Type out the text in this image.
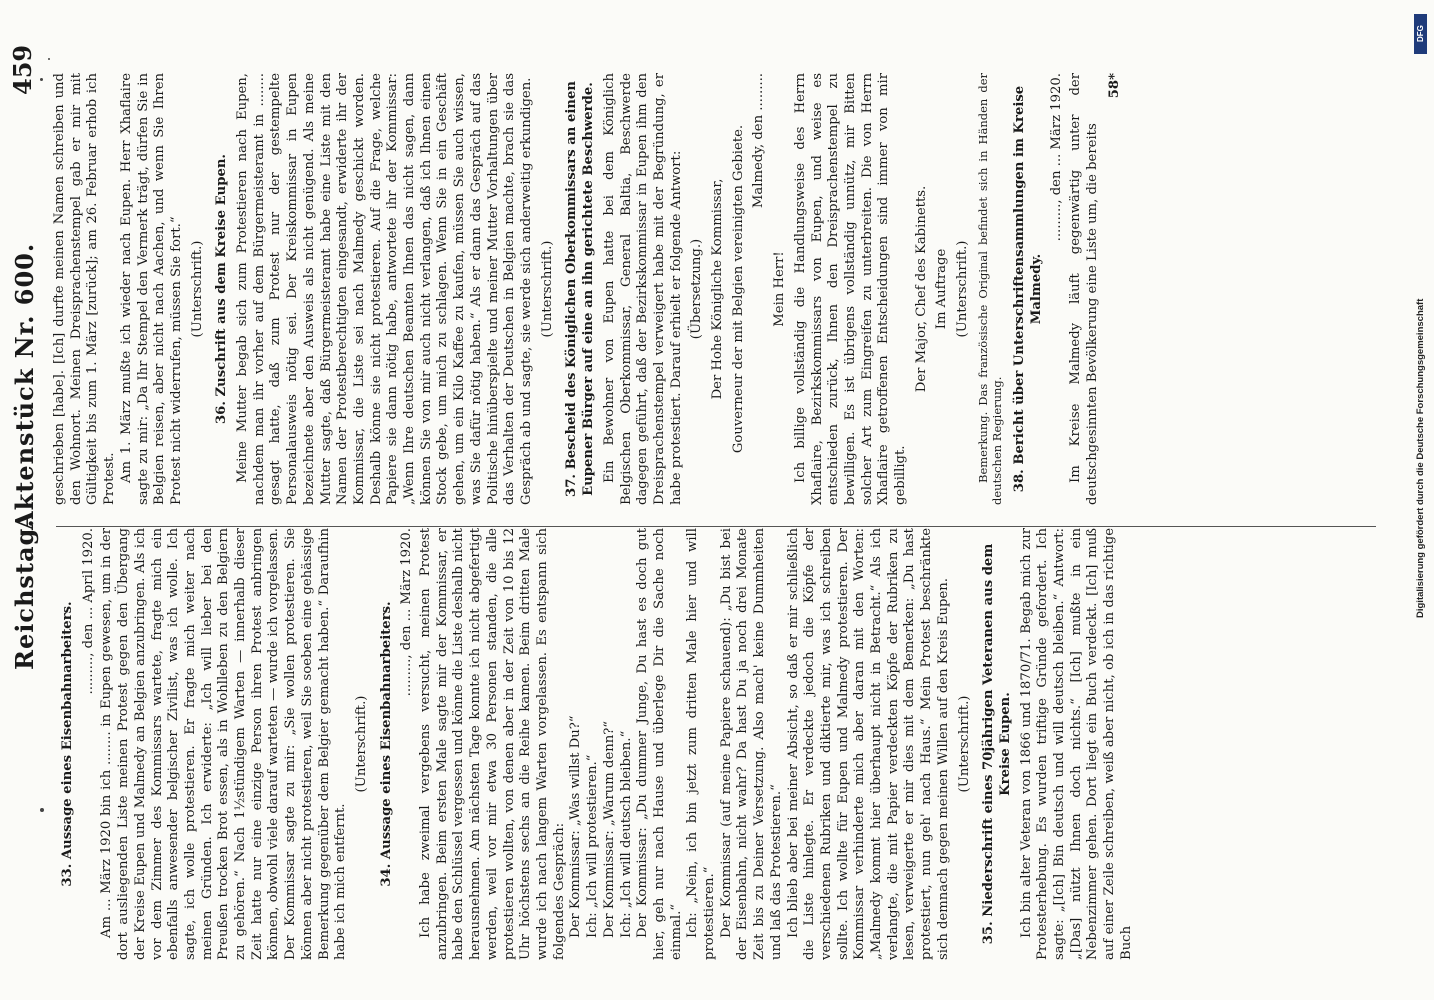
DFG
Digitalisierung gefördert durch die Deutsche Forschungsgemeinschaft
Reichstag.
Aktenstück Nr. 600.
459
33. Aussage eines Eisenbahnarbeiters. ........., den ... April 1920. Am ... März 1920 bin ich ........ in Eupen gewesen, um in der dort ausliegenden Liste meinen Protest gegen den Übergang der Kreise Eupen und Malmedy an Belgien anzubringen. Als ich vor dem Zimmer des Kommissars wartete, fragte mich ein ebenfalls anwesender belgischer Zivilist, was ich wolle. Ich sagte, ich wolle protestieren. Er fragte mich weiter nach meinen Gründen. Ich erwiderte: „Ich will lieber bei den Preußen trocken Brot essen, als in Wohlleben zu den Belgiern zu gehören.“ Nach 1½stündigem Warten — innerhalb dieser Zeit hatte nur eine einzige Person ihren Protest anbringen können, obwohl viele darauf warteten — wurde ich vorgelassen. Der Kommissar sagte zu mir: „Sie wollen protestieren. Sie können aber nicht protestieren, weil Sie soeben eine gehässige Bemerkung gegenüber dem Belgier gemacht haben.“ Daraufhin habe ich mich entfernt.

(Unterschrift.) 34. Aussage eines Eisenbahnarbeiters. ........., den ... März 1920. Ich habe zweimal vergebens versucht, meinen Protest anzubringen. Beim ersten Male sagte mir der Kommissar, er habe den Schlüssel vergessen und könne die Liste deshalb nicht herausnehmen. Am nächsten Tage konnte ich nicht abgefertigt werden, weil vor mir etwa 30 Personen standen, die alle protestieren wollten, von denen aber in der Zeit von 10 bis 12 Uhr höchstens sechs an die Reihe kamen. Beim dritten Male wurde ich nach langem Warten vorgelassen. Es entspann sich folgendes Gespräch: Der Kommissar: „Was willst Du?“ Ich: „Ich will protestieren.“ Der Kommissar: „Warum denn?“ Ich: „Ich will deutsch bleiben.“ Der Kommissar: „Du dummer Junge, Du hast es doch gut hier, geh nur nach Hause und überlege Dir die Sache noch einmal.“ Ich: „Nein, ich bin jetzt zum dritten Male hier und will protestieren.“ Der Kommissar (auf meine Papiere schauend): „Du bist bei der Eisenbahn, nicht wahr? Da hast Du ja noch drei Monate Zeit bis zu Deiner Versetzung. Also mach' keine Dummheiten und laß das Protestieren.“ Ich blieb aber bei meiner Absicht, so daß er mir schließlich die Liste hinlegte. Er verdeckte jedoch die Köpfe der verschiedenen Rubriken und diktierte mir, was ich schreiben sollte. Ich wollte für Eupen und Malmedy protestieren. Der Kommissar verhinderte mich aber daran mit den Worten: „Malmedy kommt hier überhaupt nicht in Betracht.“ Als ich verlangte, die mit Papier verdeckten Köpfe der Rubriken zu lesen, verweigerte er mir dies mit dem Bemerken: „Du hast protestiert, nun geh' nach Haus.“ Mein Protest beschränkte sich demnach gegen meinen Willen auf den Kreis Eupen. (Unterschrift.) 35. Niederschrift eines 70jährigen Veteranen aus dem Kreise Eupen. Ich bin alter Veteran von 1866 und 1870/71. Begab mich zur Protesterhebung. Es wurden triftige Gründe gefordert. Ich sagte: „[Ich] Bin deutsch und will deutsch bleiben.“ Antwort: „[Das] nützt Ihnen doch nichts.“ [Ich] mußte in ein Nebenzimmer gehen. Dort liegt ein Buch verdeckt. [Ich] muß auf einer Zeile schreiben, weiß aber nicht, ob ich in das richtige Buch

geschrieben [habe]. [Ich] durfte meinen Namen schreiben und den Wohnort. Meinen Dreisprachenstempel gab er mir mit Gültigkeit bis zum 1. März [zurück]; am 26. Februar erhob ich Protest. Am 1. März mußte ich wieder nach Eupen. Herr Xhaflaire sagte zu mir: „Da Ihr Stempel den Vermerk trägt, dürfen Sie in Belgien reisen, aber nicht nach Aachen, und wenn Sie Ihren Protest nicht widerrufen, müssen Sie fort.“ (Unterschrift.) 36. Zuschrift aus dem Kreise Eupen. Meine Mutter begab sich zum Protestieren nach Eupen, nachdem man ihr vorher auf dem Bürgermeisteramt in ........ gesagt hatte, daß zum Protest nur der gestempelte Personalausweis nötig sei. Der Kreiskommissar in Eupen bezeichnete aber den Ausweis als nicht genügend. Als meine Mutter sagte, daß Bürgermeisteramt habe eine Liste mit den Namen der Protestberechtigten eingesandt, erwiderte ihr der Kommissar, die Liste sei nach Malmedy geschickt worden. Deshalb könne sie nicht protestieren. Auf die Frage, welche Papiere sie dann nötig habe, antwortete ihr der Kommissar: „Wenn Ihre deutschen Beamten Ihnen das nicht sagen, dann können Sie von mir auch nicht verlangen, daß ich Ihnen einen Stock gebe, um mich zu schlagen. Wenn Sie in ein Geschäft gehen, um ein Kilo Kaffee zu kaufen, müssen Sie auch wissen, was Sie dafür nötig haben.“ Als er dann das Gespräch auf das Politische hinüberspielte und meiner Mutter Vorhaltungen über das Verhalten der Deutschen in Belgien machte, brach sie das Gespräch ab und sagte, sie werde sich anderweitig erkundigen. (Unterschrift.) 37. Bescheid des Königlichen Oberkommissars an einen Eupener Bürger auf eine an ihn gerichtete Beschwerde. Ein Bewohner von Eupen hatte bei dem Königlich Belgischen Oberkommissar, General Baltia, Beschwerde dagegen geführt, daß der Bezirkskommissar in Eupen ihm den Dreisprachenstempel verweigert habe mit der Begründung, er habe protestiert. Darauf erhielt er folgende Antwort: (Übersetzung.) Der Hohe Königliche Kommissar, Gouverneur der mit Belgien vereinigten Gebiete. Malmedy, den .........
Mein Herr! Ich billige vollständig die Handlungsweise des Herrn Xhaflaire, Bezirkskommissars von Eupen, und weise es entschieden zurück, Ihnen den Dreisprachenstempel zu bewilligen. Es ist übrigens vollständig unnütz, mir Bitten solcher Art zum Eingreifen zu unterbreiten. Die von Herrn Xhaflaire getroffenen Entscheidungen sind immer von mir gebilligt.

Der Major, Chef des Kabinetts. Im Auftrage (Unterschrift.) Bemerkung. Das französische Original befindet sich in Händen der deutschen Regierung. 38. Bericht über Unterschriftensammlungen im Kreise Malmedy.
........., den ... März 1920. Im Kreise Malmedy läuft gegenwärtig unter der deutschgesinnten Bevölkerung eine Liste um, die bereits

58*
